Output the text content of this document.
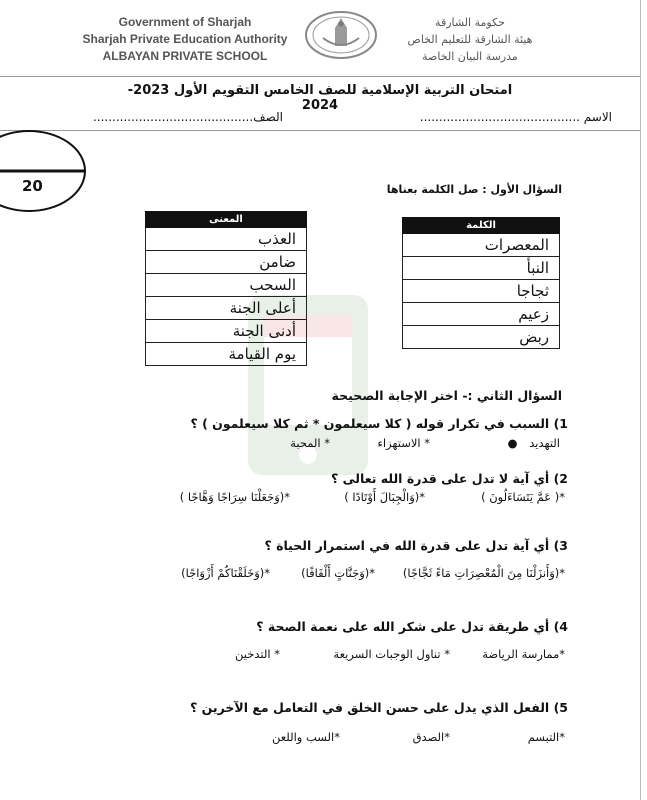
Government of Sharjah
Sharjah Private Education Authority
ALBAYAN PRIVATE SCHOOL
حكومة الشارقة
هيئة الشارقة للتعليم الخاص
مدرسة البيان الخاصة
امتحان التربية الإسلامية للصف الخامس التقويم الأول 2023-2024
الاسم ..........................................
الصف..........................................
20	السؤال الأول : صل الكلمة بعناها
المعنى
العذب
ضامن
السحب
أعلى الجنة
أدنى الجنة
يوم القيامة
الكلمة
المعصرات
النبأ
ثجاجا
زعيم
ربض
السؤال الثاني :- اختر الإجابة الصحيحة
1) السبب في تكرار قوله ( كلا سيعلمون * ثم كلا سيعلمون ) ؟
التهديد ●
* الاستهزاء
* المحبة
2) أي آية لا تدل على قدرة الله تعالى ؟
*( عَمَّ يَتَسَاءَلُونَ )
*(وَالْجِبَالَ أَوْتَادًا )
*(وَجَعَلْنَا سِرَاجًا وَهَّاجًا )
3) أي آية تدل على قدرة الله في استمرار الحياة ؟
*(وَأَنزَلْنَا مِنَ الْمُعْصِرَاتِ مَاءً ثَجَّاجًا)
*(وَجَنَّاتٍ أَلْفَافًا)
*(وَخَلَقْنَاكُمْ أَزْوَاجًا)
4) أي طريقة تدل على شكر الله على نعمة الصحة ؟
*ممارسة الرياضة
* تناول الوجبات السريعة
* التدخين
5) الفعل الذي يدل على حسن الخلق في التعامل مع الآخرين ؟
*التبسم
*الصدق
*السب واللعن
